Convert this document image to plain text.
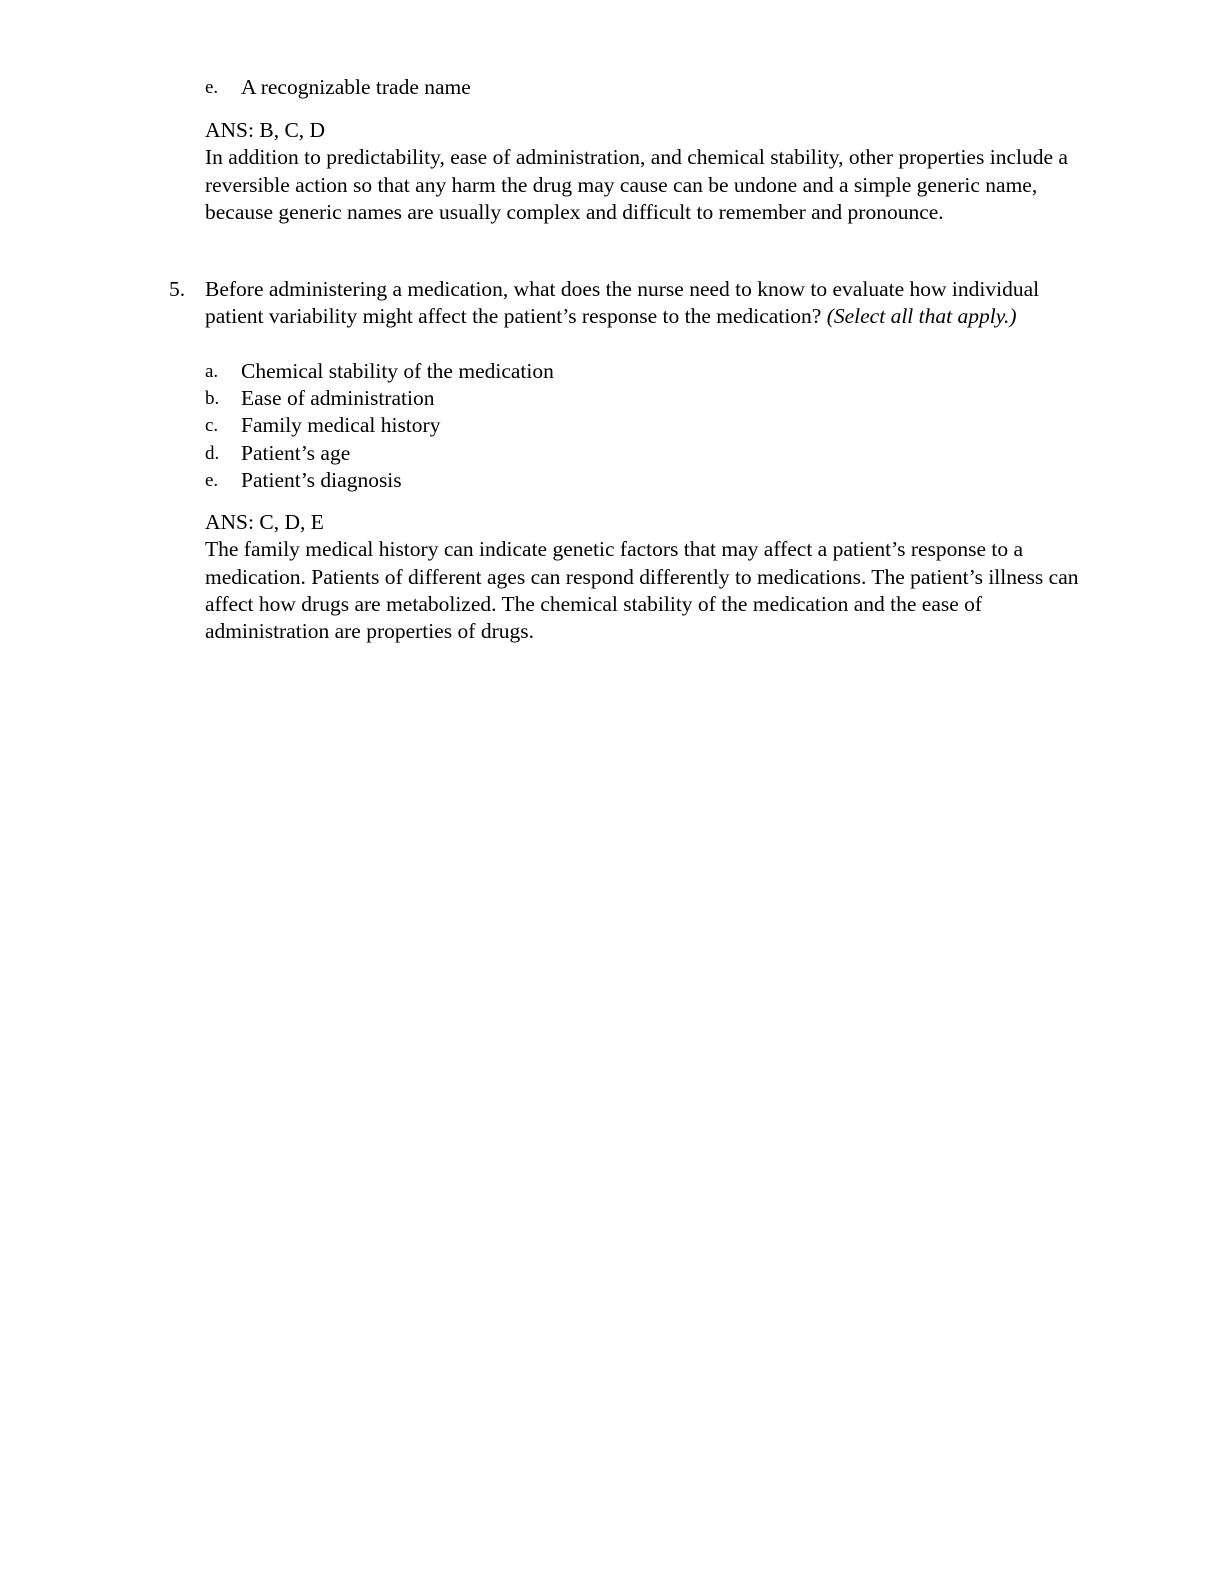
e. A recognizable trade name
ANS: B, C, D
In addition to predictability, ease of administration, and chemical stability, other properties include a reversible action so that any harm the drug may cause can be undone and a simple generic name, because generic names are usually complex and difficult to remember and pronounce.
5. Before administering a medication, what does the nurse need to know to evaluate how individual patient variability might affect the patient’s response to the medication? (Select all that apply.)
a. Chemical stability of the medication
b. Ease of administration
c. Family medical history
d. Patient’s age
e. Patient’s diagnosis
ANS: C, D, E
The family medical history can indicate genetic factors that may affect a patient’s response to a medication. Patients of different ages can respond differently to medications. The patient’s illness can affect how drugs are metabolized. The chemical stability of the medication and the ease of administration are properties of drugs.
